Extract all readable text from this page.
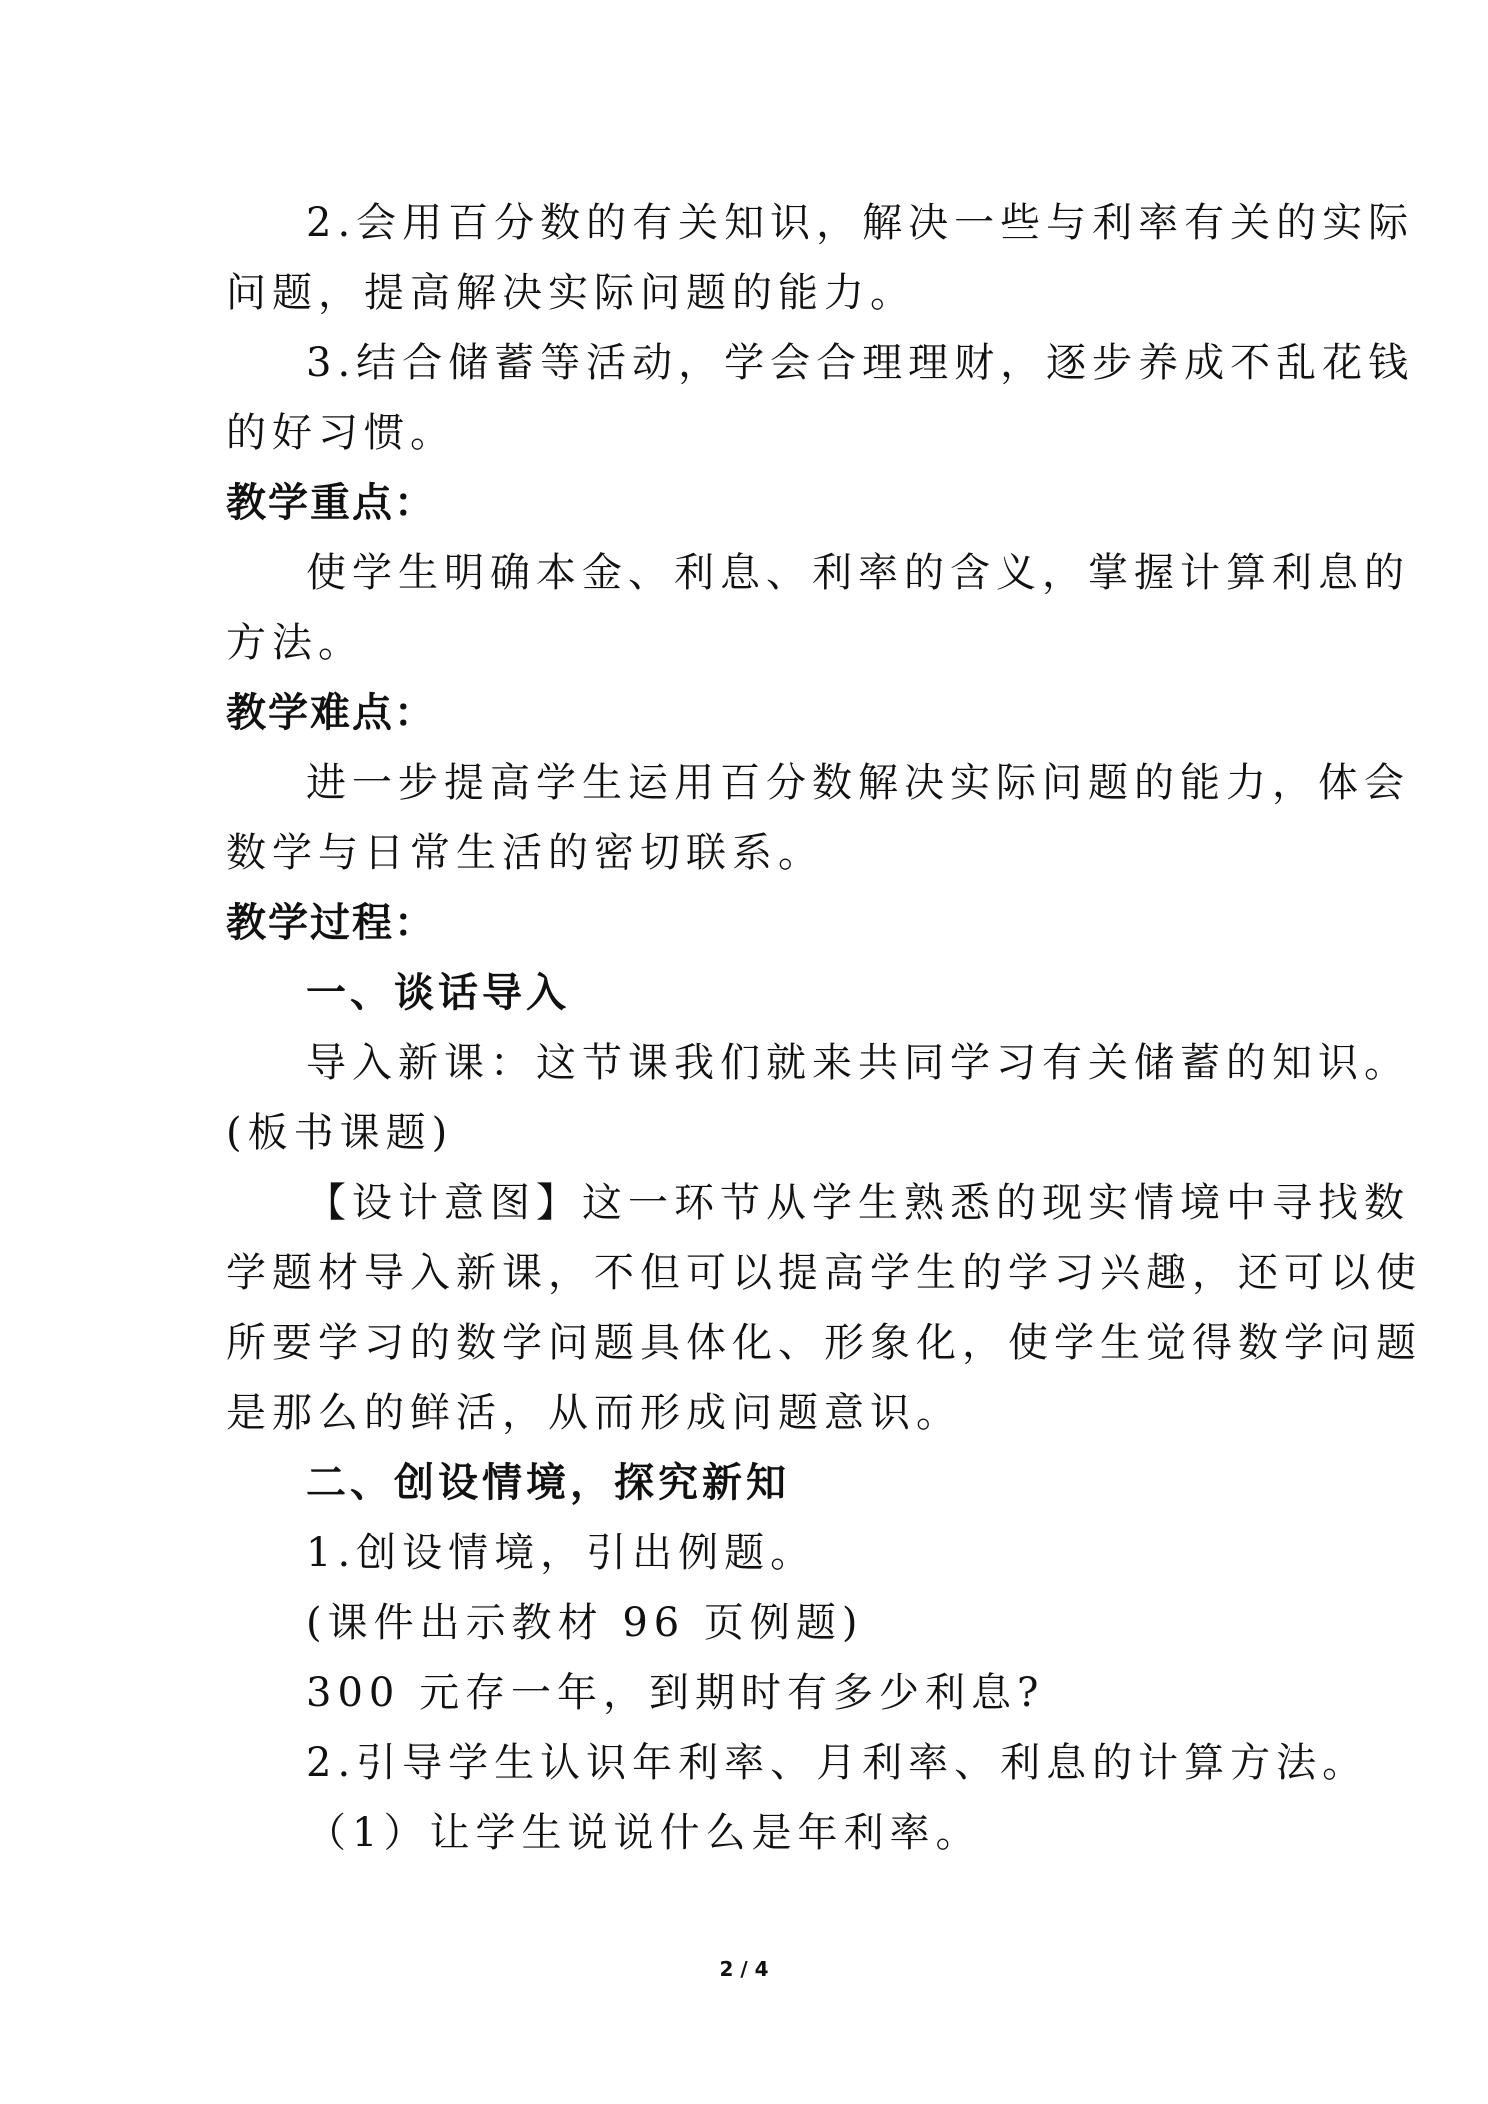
2.会用百分数的有关知识，解决一些与利率有关的实际
问题，提高解决实际问题的能力。
3.结合储蓄等活动，学会合理理财，逐步养成不乱花钱
的好习惯。
教学重点：
使学生明确本金、利息、利率的含义，掌握计算利息的
方法。
教学难点：
进一步提高学生运用百分数解决实际问题的能力，体会
数学与日常生活的密切联系。
教学过程：
一、谈话导入
导入新课：这节课我们就来共同学习有关储蓄的知识。
(板书课题)
【设计意图】这一环节从学生熟悉的现实情境中寻找数
学题材导入新课，不但可以提高学生的学习兴趣，还可以使
所要学习的数学问题具体化、形象化，使学生觉得数学问题
是那么的鲜活，从而形成问题意识。
二、创设情境，探究新知
1.创设情境，引出例题。
(课件出示教材 96 页例题)
300 元存一年，到期时有多少利息?
2.引导学生认识年利率、月利率、利息的计算方法。
（1）让学生说说什么是年利率。
2 / 4
